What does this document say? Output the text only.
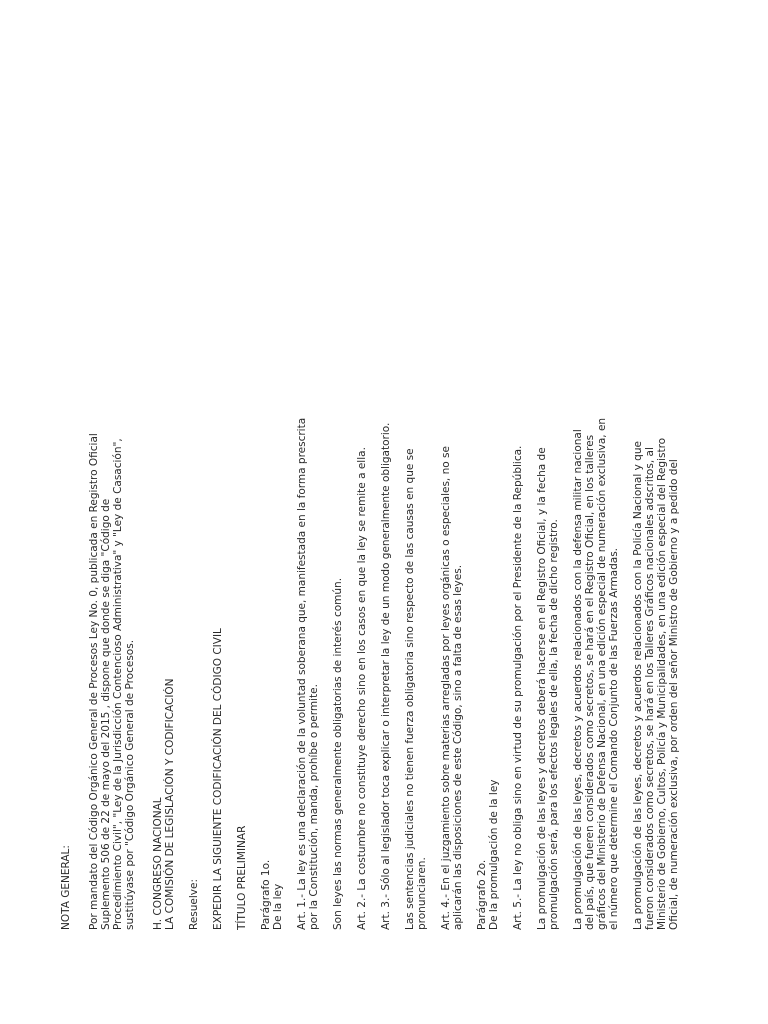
NOTA GENERAL: Por mandato del Código Orgánico General de Procesos Ley No. 0, publicada en Registro Oficial
Suplemento 506 de 22 de mayo del 2015 , dispone que donde se diga "Código de
Procedimiento Civil", "Ley de la Jurisdicción Contencioso Administrativa" y "Ley de Casación",
sustitúyase por "Código Orgánico General de Procesos. H. CONGRESO NACIONAL
LA COMISIÓN DE LEGISLACIÓN Y CODIFICACIÓN Resuelve: EXPEDIR LA SIGUIENTE CODIFICACIÓN DEL CÓDIGO CIVIL TÍTULO PRELIMINAR Parágrafo 1o.
De la ley Art. 1.- La ley es una declaración de la voluntad soberana que, manifestada en la forma prescrita
por la Constitución, manda, prohíbe o permite. Son leyes las normas generalmente obligatorias de interés común. Art. 2.- La costumbre no constituye derecho sino en los casos en que la ley se remite a ella. Art. 3.- Sólo al legislador toca explicar o interpretar la ley de un modo generalmente obligatorio. Las sentencias judiciales no tienen fuerza obligatoria sino respecto de las causas en que se
pronunciaren. Art. 4.- En el juzgamiento sobre materias arregladas por leyes orgánicas o especiales, no se
aplicarán las disposiciones de este Código, sino a falta de esas leyes. Parágrafo 2o.
De la promulgación de la ley Art. 5.- La ley no obliga sino en virtud de su promulgación por el Presidente de la República. La promulgación de las leyes y decretos deberá hacerse en el Registro Oficial, y la fecha de
promulgación será, para los efectos legales de ella, la fecha de dicho registro. La promulgación de las leyes, decretos y acuerdos relacionados con la defensa militar nacional
del país, que fueren considerados como secretos, se hará en el Registro Oficial, en los talleres
gráficos del Ministerio de Defensa Nacional, en una edición especial de numeración exclusiva, en
el número que determine el Comando Conjunto de las Fuerzas Armadas. La promulgación de las leyes, decretos y acuerdos relacionados con la Policía Nacional y que
fueron considerados como secretos, se hará en los Talleres Gráficos nacionales adscritos, al
Ministerio de Gobierno, Cultos, Policía y Municipalidades, en una edición especial del Registro
Oficial, de numeración exclusiva, por orden del señor Ministro de Gobierno y a pedido del
